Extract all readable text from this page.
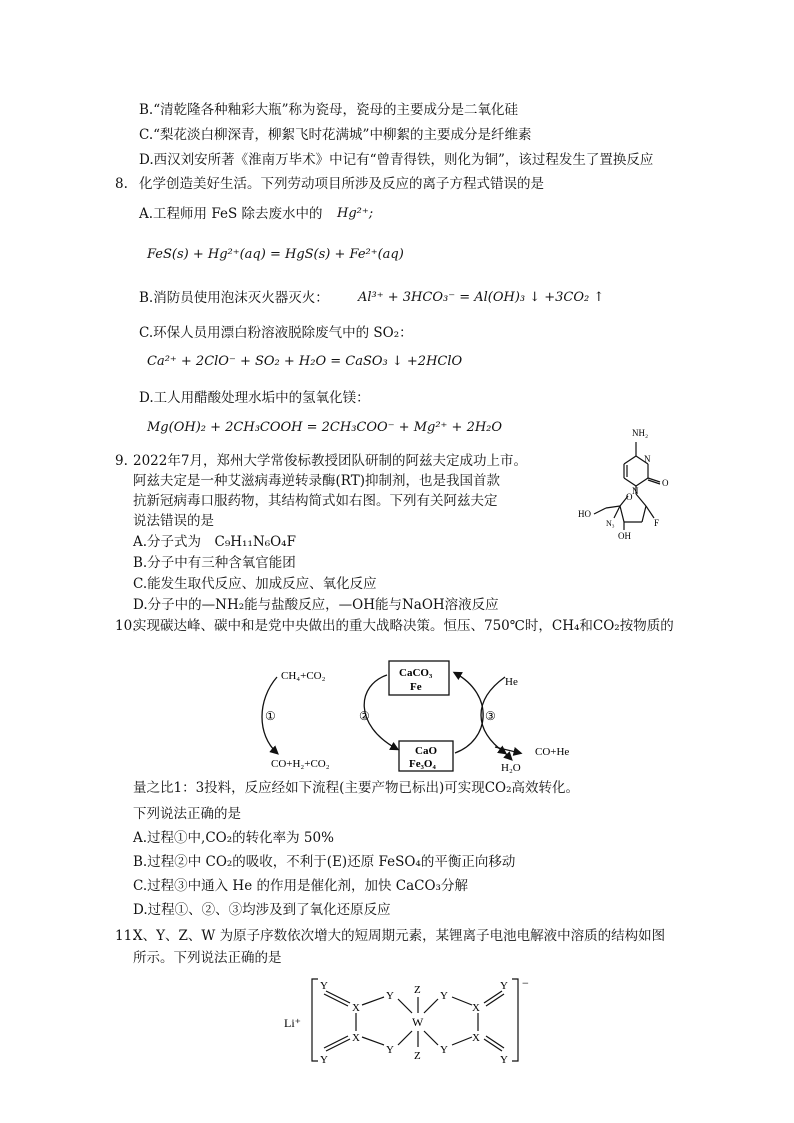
B.“清乾隆各种釉彩大瓶”称为瓷母，瓷母的主要成分是二氧化硅
C.“梨花淡白柳深青，柳絮飞时花满城”中柳絮的主要成分是纤维素
D.西汉刘安所著《淮南万毕术》中记有“曾青得铁，则化为铜”，该过程发生了置换反应
8. 化学创造美好生活。下列劳动项目所涉及反应的离子方程式错误的是
A.工程师用 FeS 除去废水中的 Hg²⁺;
FeS(s) + Hg²⁺(aq) = HgS(s) + Fe²⁺(aq)
B.消防员使用泡沫灭火器灭火： Al³⁺ + 3HCO₃⁻ = Al(OH)₃ ↓ +3CO₂ ↑
C.环保人员用漂白粉溶液脱除废气中的 SO₂：
Ca²⁺ + 2ClO⁻ + SO₂ + H₂O = CaSO₃ ↓ +2HClO
D.工人用醋酸处理水垢中的氢氧化镁：
Mg(OH)₂ + 2CH₃COOH = 2CH₃COO⁻ + Mg²⁺ + 2H₂O
9. 2022年7月，郑州大学常俊标教授团队研制的阿兹夫定成功上市。
阿兹夫定是一种艾滋病毒逆转录酶(RT)抑制剂，也是我国首款
抗新冠病毒口服药物，其结构简式如右图。下列有关阿兹夫定
说法错误的是
A.分子式为　C₉H₁₁N₆O₄F
B.分子中有三种含氧官能团
C.能发生取代反应、加成反应、氧化反应
D.分子中的—NH₂能与盐酸反应，—OH能与NaOH溶液反应
NH₂
N
N
O
O
HO
N₃
OH
F
10.
实现碳达峰、碳中和是党中央做出的重大战略决策。恒压、750℃时，CH₄和CO₂按物质的
CH₄+CO₂
CO+H₂+CO₂
CaCO₃
Fe
CaO
Fe₃O₄
He
CO+He
H₂O
①	②	③
量之比1：3投料，反应经如下流程(主要产物已标出)可实现CO₂高效转化。
下列说法正确的是
A.过程①中,CO₂的转化率为 50%
B.过程②中 CO₂的吸收，不利于(E)还原 FeSO₄的平衡正向移动
C.过程③中通入 He 的作用是催化剂，加快 CaCO₃分解
D.过程①、②、③均涉及到了氧化还原反应
11.
X、Y、Z、W 为原子序数依次增大的短周期元素，某锂离子电池电解液中溶质的结构如图
所示。下列说法正确的是
Li⁺
Y
X
X
Y
Y
Y
Z
W
Z
Y
Y
X
X
Y
Y
−
